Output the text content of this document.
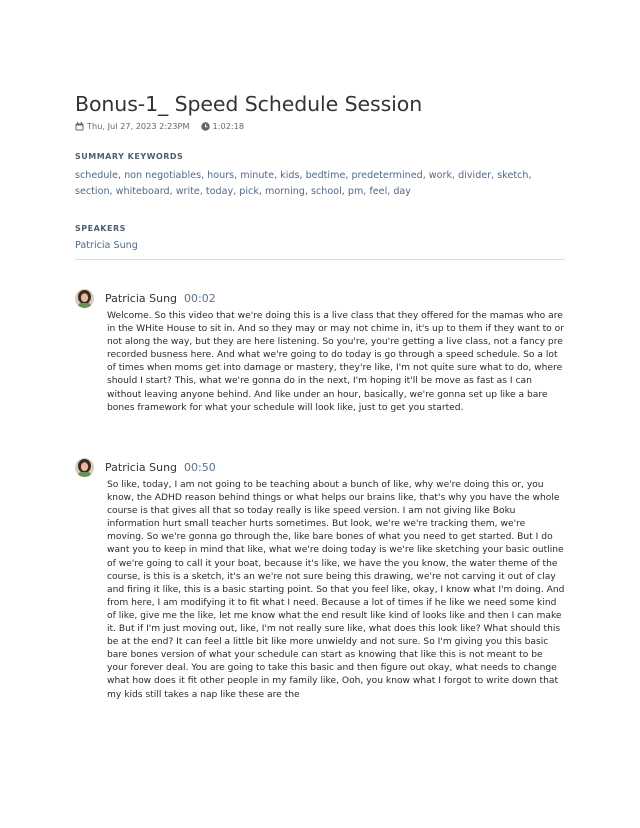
Bonus-1_ Speed Schedule Session
Thu, Jul 27, 2023 2:23PM	1:02:18
SUMMARY KEYWORDS
schedule, non negotiables, hours, minute, kids, bedtime, predetermined, work, divider, sketch, section, whiteboard, write, today, pick, morning, school, pm, feel, day
SPEAKERS
Patricia Sung
Patricia Sung 00:02
Welcome. So this video that we're doing this is a live class that they offered for the mamas who are in the WHite House to sit in. And so they may or may not chime in, it's up to them if they want to or not along the way, but they are here listening. So you're, you're getting a live class, not a fancy pre recorded busness here. And what we're going to do today is go through a speed schedule. So a lot of times when moms get into damage or mastery, they're like, I'm not quite sure what to do, where should I start? This, what we're gonna do in the next, I'm hoping it'll be move as fast as I can without leaving anyone behind. And like under an hour, basically, we're gonna set up like a bare bones framework for what your schedule will look like, just to get you started.
Patricia Sung 00:50
So like, today, I am not going to be teaching about a bunch of like, why we're doing this or, you know, the ADHD reason behind things or what helps our brains like, that's why you have the whole course is that gives all that so today really is like speed version. I am not giving like Boku information hurt small teacher hurts sometimes. But look, we're we're tracking them, we're moving. So we're gonna go through the, like bare bones of what you need to get started. But I do want you to keep in mind that like, what we're doing today is we're like sketching your basic outline of we're going to call it your boat, because it's like, we have the you know, the water theme of the course, is this is a sketch, it's an we're not sure being this drawing, we're not carving it out of clay and firing it like, this is a basic starting point. So that you feel like, okay, I know what I'm doing. And from here, I am modifying it to fit what I need. Because a lot of times if he like we need some kind of like, give me the like, let me know what the end result like kind of looks like and then I can make it. But if I'm just moving out, like, I'm not really sure like, what does this look like? What should this be at the end? It can feel a little bit like more unwieldy and not sure. So I'm giving you this basic bare bones version of what your schedule can start as knowing that like this is not meant to be your forever deal. You are going to take this basic and then figure out okay, what needs to change what how does it fit other people in my family like, Ooh, you know what I forgot to write down that my kids still takes a nap like these are the
